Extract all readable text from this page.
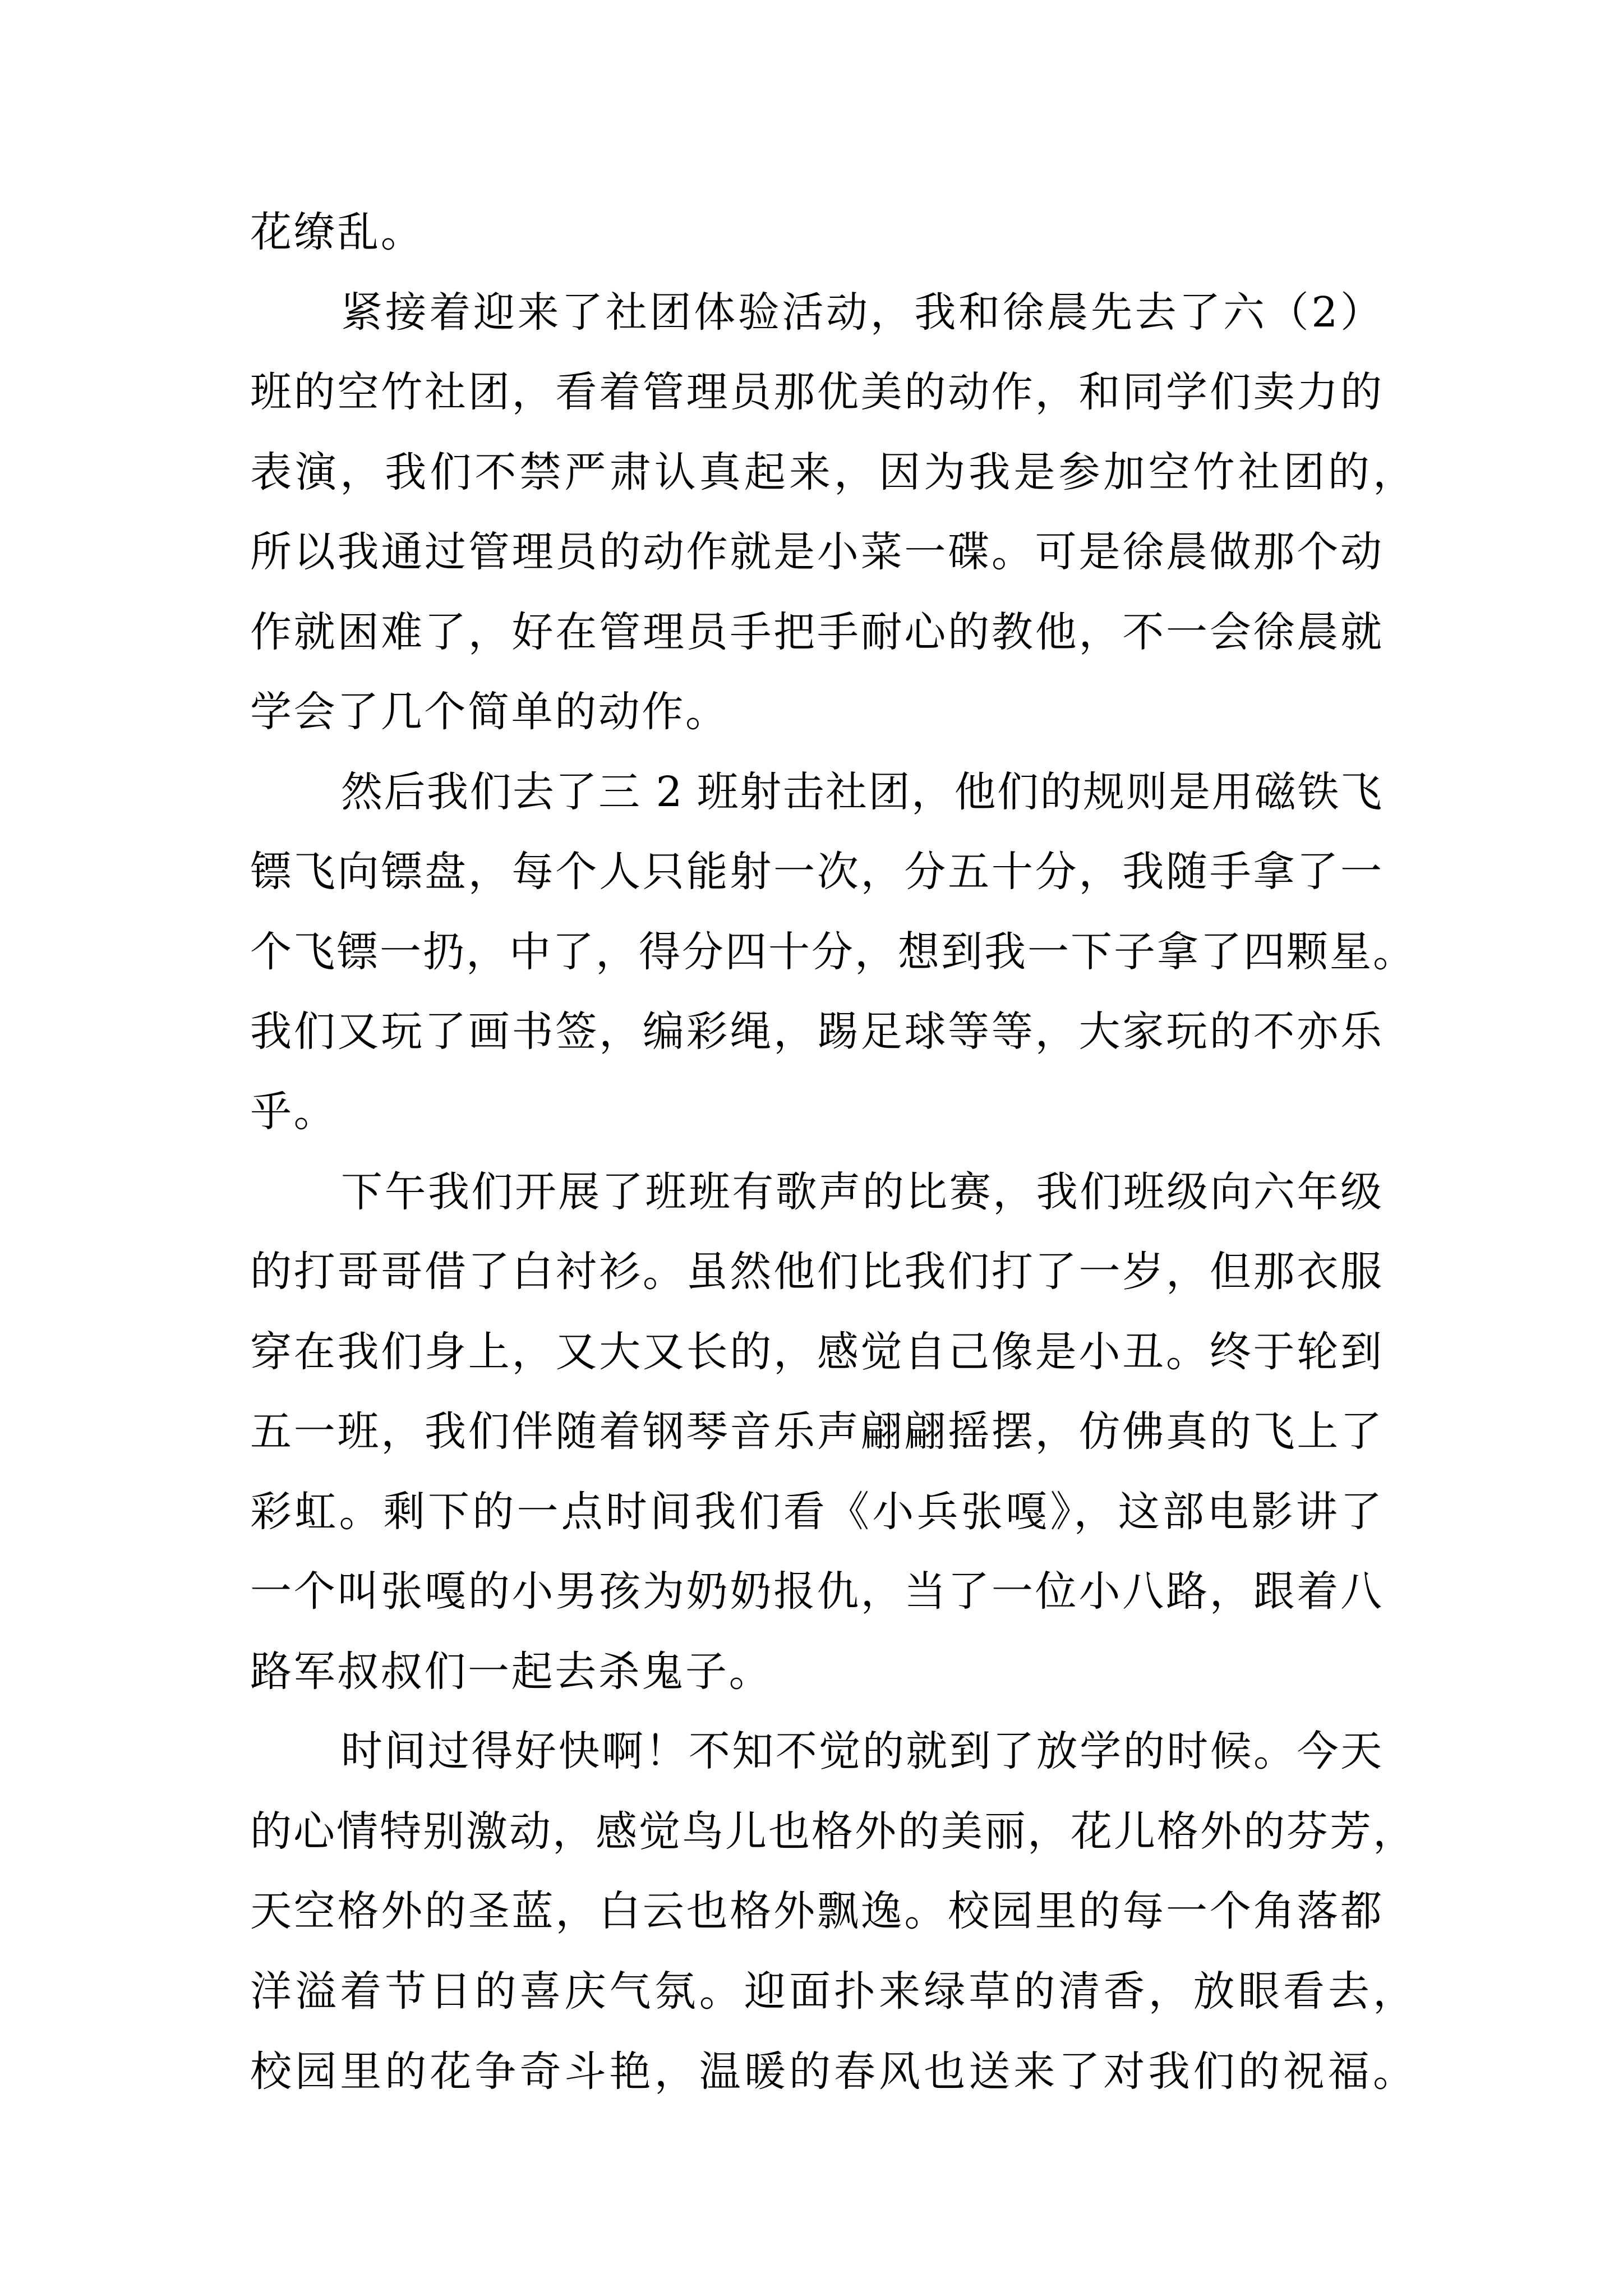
花缭乱。
紧接着迎来了社团体验活动，我和徐晨先去了六（2）
班的空竹社团，看着管理员那优美的动作，和同学们卖力的
表演，我们不禁严肃认真起来，因为我是参加空竹社团的，
所以我通过管理员的动作就是小菜一碟。可是徐晨做那个动
作就困难了，好在管理员手把手耐心的教他，不一会徐晨就
学会了几个简单的动作。
然后我们去了三 2 班射击社团，他们的规则是用磁铁飞
镖飞向镖盘，每个人只能射一次，分五十分，我随手拿了一
个飞镖一扔，中了，得分四十分，想到我一下子拿了四颗星。
我们又玩了画书签，编彩绳，踢足球等等，大家玩的不亦乐
乎。
下午我们开展了班班有歌声的比赛，我们班级向六年级
的打哥哥借了白衬衫。虽然他们比我们打了一岁，但那衣服
穿在我们身上，又大又长的，感觉自己像是小丑。终于轮到
五一班，我们伴随着钢琴音乐声翩翩摇摆，仿佛真的飞上了
彩虹。剩下的一点时间我们看《小兵张嘎》，这部电影讲了
一个叫张嘎的小男孩为奶奶报仇，当了一位小八路，跟着八
路军叔叔们一起去杀鬼子。
时间过得好快啊！不知不觉的就到了放学的时候。今天
的心情特别激动，感觉鸟儿也格外的美丽，花儿格外的芬芳，
天空格外的圣蓝，白云也格外飘逸。校园里的每一个角落都
洋溢着节日的喜庆气氛。迎面扑来绿草的清香，放眼看去，
校园里的花争奇斗艳，温暖的春风也送来了对我们的祝福。
